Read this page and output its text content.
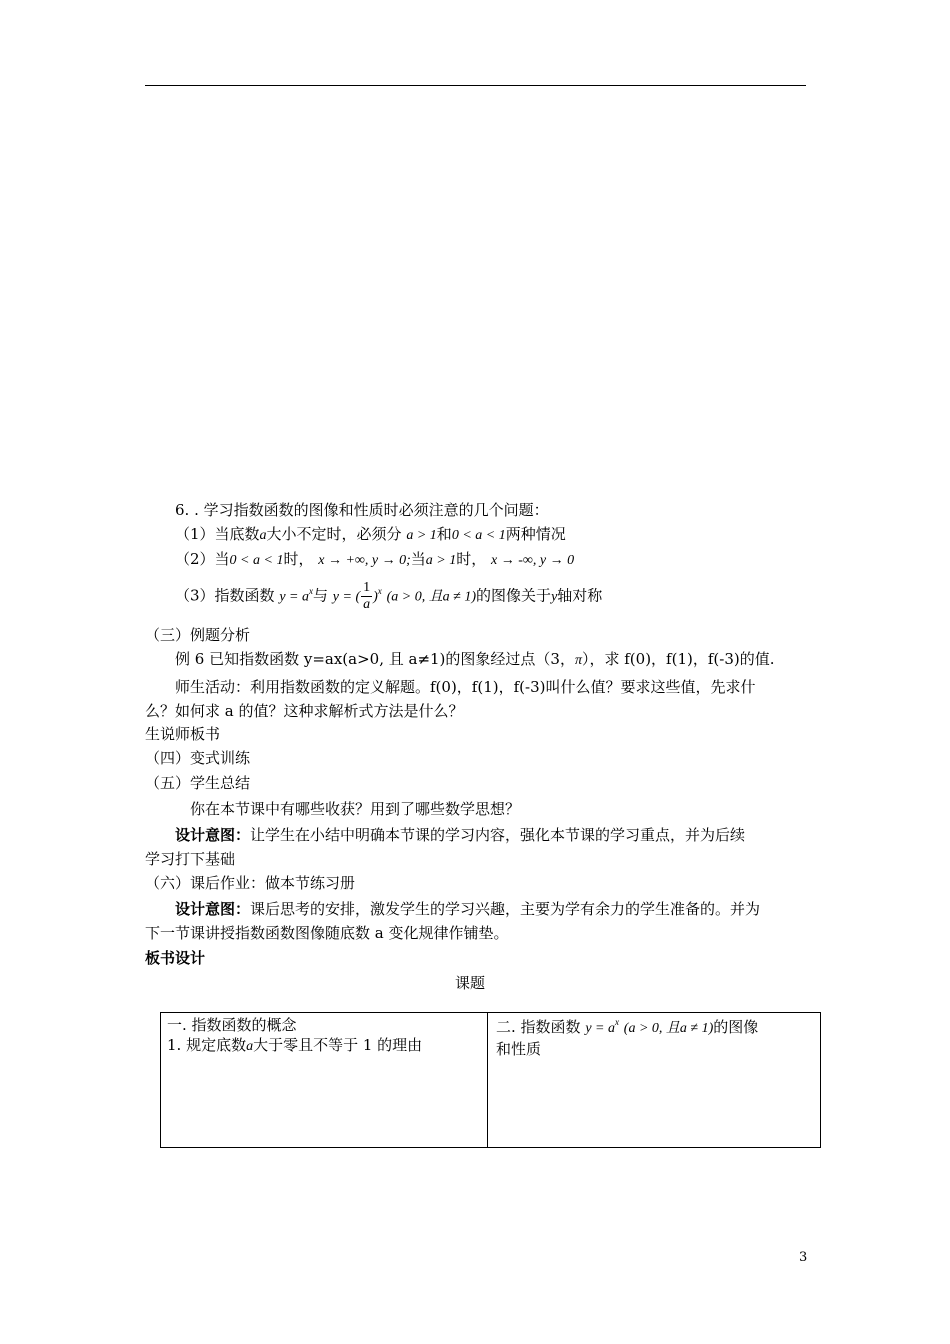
6. . 学习指数函数的图像和性质时必须注意的几个问题：
（1）当底数a大小不定时，必须分 a > 1和0 < a < 1两种情况
（2）当0 < a < 1时， x → +∞, y → 0;当a > 1时， x → -∞, y → 0
（3）指数函数 $y = a^x$与 y = ( $\frac{1}{a} )^x$ (a > 0, 且a ≠ 1)的图像关于y轴对称
（三）例题分析
例 6 已知指数函数 y=ax(a>0, 且 a≠1)的图象经过点（3，π），求 f(0)，f(1)，f(-3)的值.
师生活动：利用指数函数的定义解题。f(0)，f(1)，f(-3)叫什么值？要求这些值，先求什
么？如何求 a 的值？这种求解析式方法是什么？
生说师板书
（四）变式训练
（五）学生总结
你在本节课中有哪些收获？用到了哪些数学思想？
设计意图：让学生在小结中明确本节课的学习内容，强化本节课的学习重点，并为后续
学习打下基础
（六）课后作业：做本节练习册
设计意图：课后思考的安排，激发学生的学习兴趣，主要为学有余力的学生准备的。并为
下一节课讲授指数函数图像随底数 a 变化规律作铺垫。
板书设计
课题
一. 指数函数的概念
1. 规定底数a大于零且不等于 1 的理由
二. 指数函数 $y = a^x$ (a > 0, 且a ≠ 1)的图像
和性质
3
